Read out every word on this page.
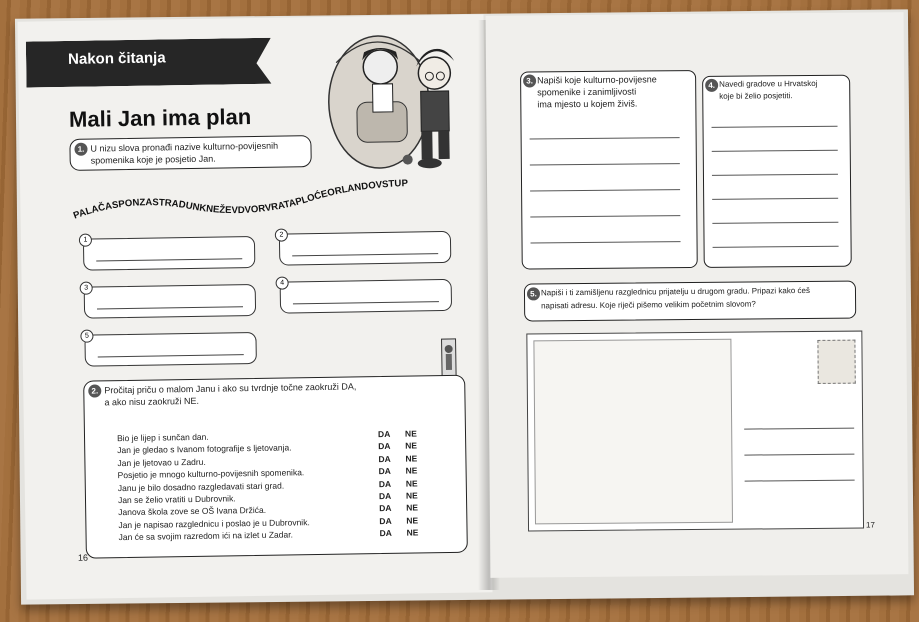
Nakon čitanja
Mali Jan ima plan
1. U nizu slova pronađi nazive kulturno-povijesnih
spomenika koje je posjetio Jan.
PALAČASPONZASTRADUNKNEŽEVDVORVRATAPLOĆEORLANDOVSTUP
1
2
3
4
5
2. Pročitaj priču o malom Janu i ako su tvrdnje točne zaokruži DA,
a ako nisu zaokruži NE.
Bio je lijep i sunčan dan.
Jan je gledao s Ivanom fotografije s ljetovanja.
Jan je ljetovao u Zadru.
Posjetio je mnogo kulturno-povijesnih spomenika.
Janu je bilo dosadno razgledavati stari grad.
Jan se želio vratiti u Dubrovnik.
Janova škola zove se OŠ Ivana Držića.
Jan je napisao razglednicu i poslao je u Dubrovnik.
Jan će sa svojim razredom ići na izlet u Zadar.
DA
DA
DA
DA
DA
DA
DA
DA
DA
NE
NE
NE
NE
NE
NE
NE
NE
NE
16
3. Napiši koje kulturno-povijesne
spomenike i zanimljivosti
ima mjesto u kojem živiš.
4. Navedi gradove u Hrvatskoj
koje bi želio posjetiti.
5. Napiši i ti zamišljenu razglednicu prijatelju u drugom gradu. Pripazi kako ćeš
napisati adresu. Koje riječi pišemo velikim početnim slovom?
17
